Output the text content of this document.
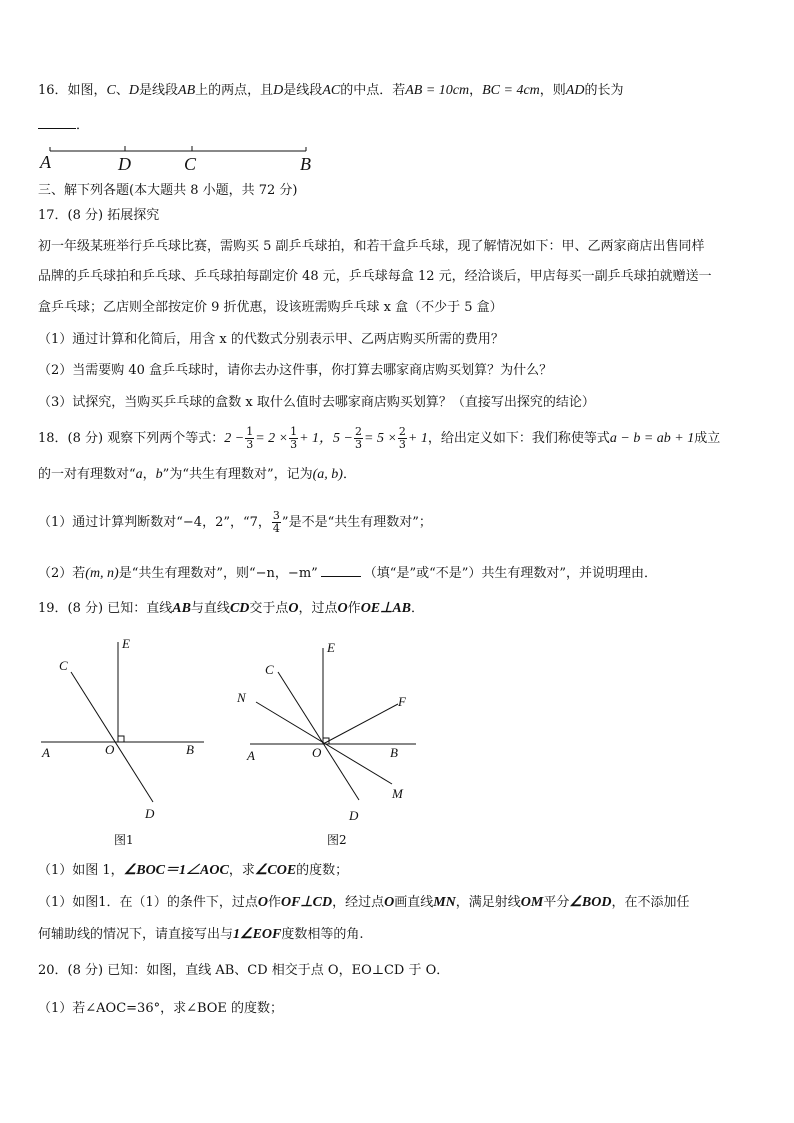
16．如图，C、D是线段AB上的两点，且D是线段AC的中点．若AB = 10cm，BC = 4cm，则AD的长为
．
A	D	C	B
三、解下列各题(本大题共 8 小题，共 72 分)
17．(8 分) 拓展探究
初一年级某班举行乒乓球比赛，需购买 5 副乒乓球拍，和若干盒乒乓球，现了解情况如下：甲、乙两家商店出售同样
品牌的乒乓球拍和乒乓球、乒乓球拍每副定价 48 元，乒乓球每盒 12 元，经洽谈后，甲店每买一副乒乓球拍就赠送一
盒乒乓球；乙店则全部按定价 9 折优惠，设该班需购乒乓球 x 盒（不少于 5 盒）
（1）通过计算和化简后，用含 x 的代数式分别表示甲、乙两店购买所需的费用？
（2）当需要购 40 盒乒乓球时，请你去办这件事，你打算去哪家商店购买划算？为什么？
（3）试探究，当购买乒乓球的盒数 x 取什么值时去哪家商店购买划算？（直接写出探究的结论）
18．(8 分) 观察下列两个等式：$2 - \frac{1}{3} = 2 \times \frac{1}{3} + 1$，$5 - \frac{2}{3} = 5 \times \frac{2}{3} + 1$，给出定义如下：我们称使等式a − b = ab + 1成立
的一对有理数对“a，b”为“共生有理数对”，记为(a, b)．
（1）通过计算判断数对“−4，2”，“7， $\frac{3}{4}$ ”是不是“共生有理数对”；
（2）若(m, n)是“共生有理数对”，则“−n，−m”	（填“是”或“不是”）共生有理数对”，并说明理由．
19．(8 分) 已知：直线AB与直线CD交于点O，过点O作OE⊥AB．
E
C
A	O	B
D
图1
E
C
N	F
A	O	B
M
D
图2
（1）如图 1，∠BOC＝1∠AOC，求∠COE的度数；
（1）如图1．在（1）的条件下，过点O作OF⊥CD，经过点O画直线MN，满足射线OM平分∠BOD，在不添加任
何辅助线的情况下，请直接写出与1∠EOF度数相等的角.
20．(8 分) 已知：如图，直线 AB、CD 相交于点 O，EO⊥CD 于 O．
（1）若∠AOC=36°，求∠BOE 的度数；
